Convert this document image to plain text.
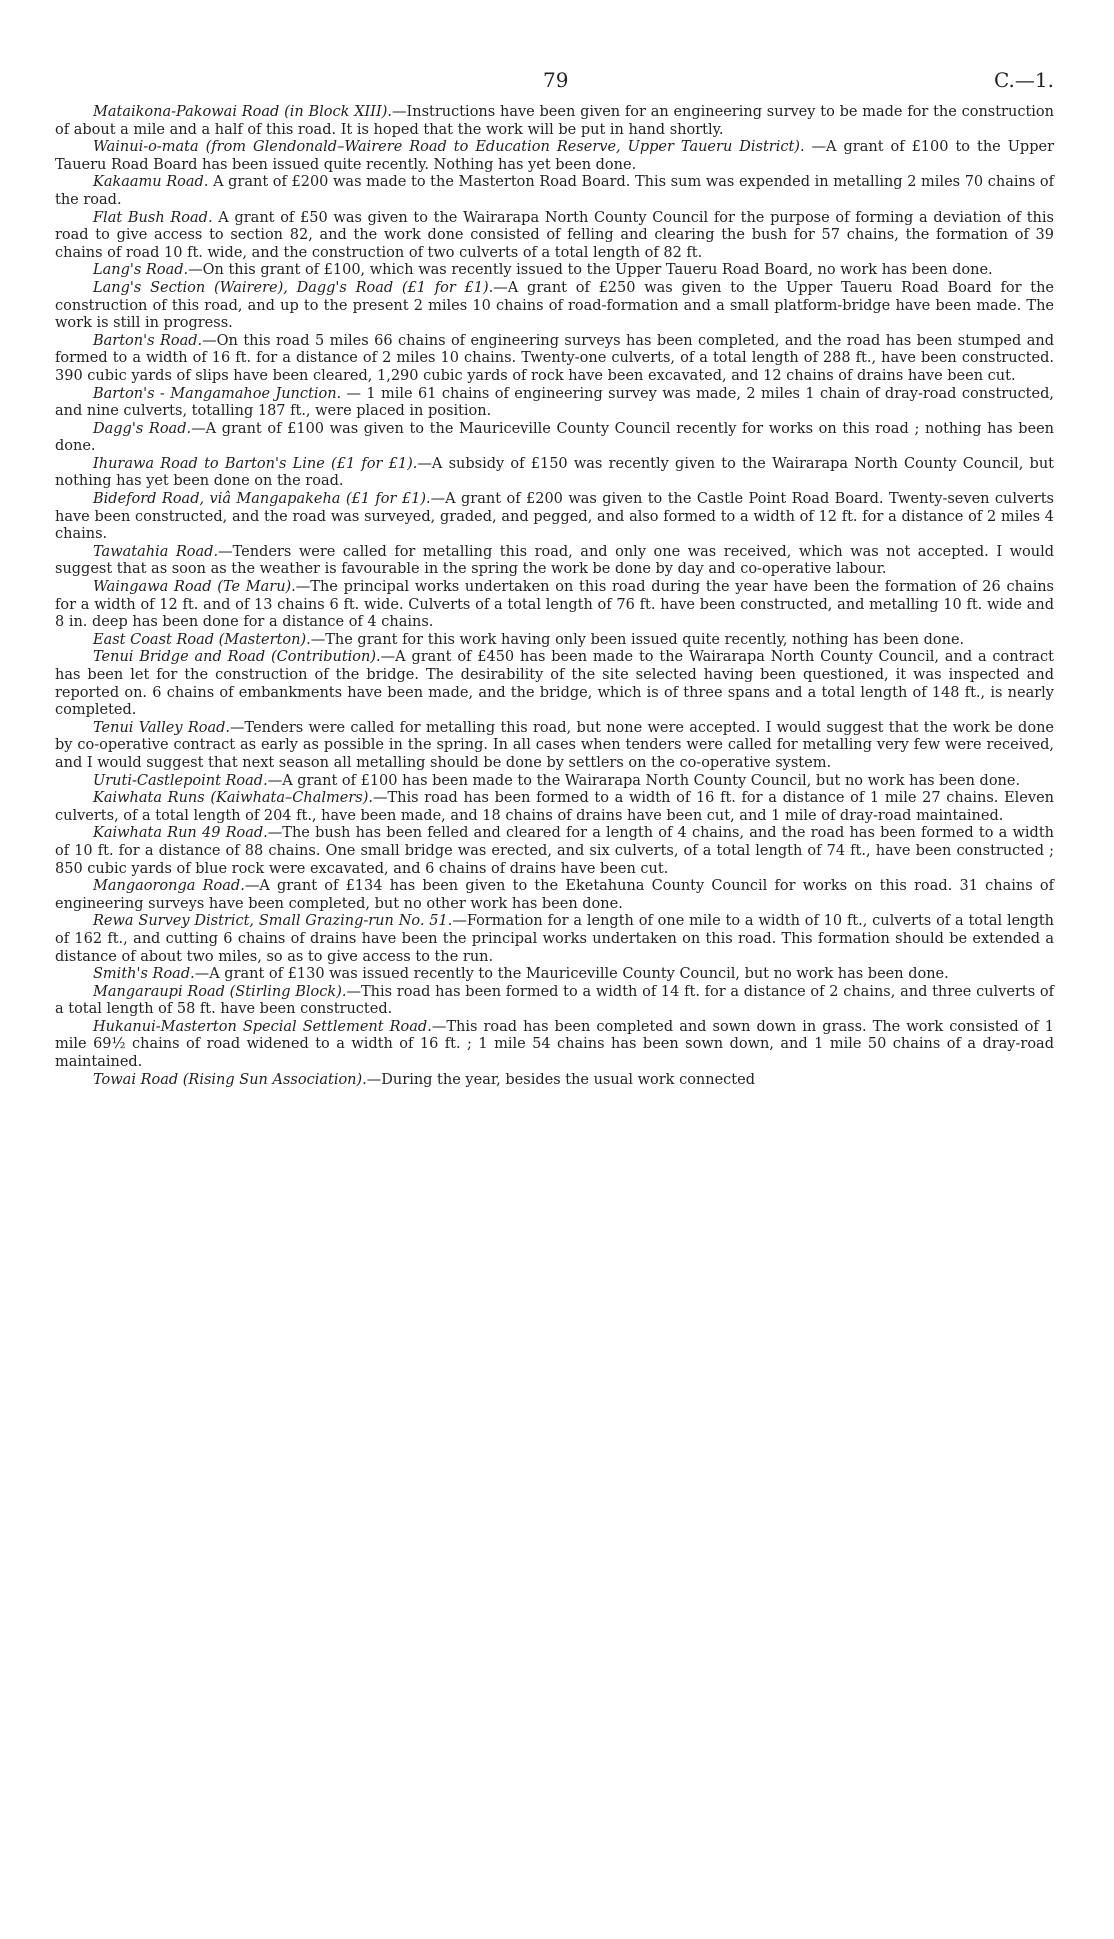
79	C.—1.

Mataikona-Pakowai Road (in Block XIII).—Instructions have been given for an engineering survey to be made for the construction of about a mile and a half of this road. It is hoped that the work will be put in hand shortly.

Wainui-o-mata (from Glendonald–Wairere Road to Education Reserve, Upper Taueru District). —A grant of £100 to the Upper Taueru Road Board has been issued quite recently. Nothing has yet been done.

Kakaamu Road. A grant of £200 was made to the Masterton Road Board. This sum was expended in metalling 2 miles 70 chains of the road.

Flat Bush Road. A grant of £50 was given to the Wairarapa North County Council for the purpose of forming a deviation of this road to give access to section 82, and the work done consisted of felling and clearing the bush for 57 chains, the formation of 39 chains of road 10 ft. wide, and the construction of two culverts of a total length of 82 ft.

Lang's Road.—On this grant of £100, which was recently issued to the Upper Taueru Road Board, no work has been done.

Lang's Section (Wairere), Dagg's Road (£1 for £1).—A grant of £250 was given to the Upper Taueru Road Board for the construction of this road, and up to the present 2 miles 10 chains of road-formation and a small platform-bridge have been made. The work is still in progress.

Barton's Road.—On this road 5 miles 66 chains of engineering surveys has been completed, and the road has been stumped and formed to a width of 16 ft. for a distance of 2 miles 10 chains. Twenty-one culverts, of a total length of 288 ft., have been constructed. 390 cubic yards of slips have been cleared, 1,290 cubic yards of rock have been excavated, and 12 chains of drains have been cut.

Barton's - Mangamahoe Junction. — 1 mile 61 chains of engineering survey was made, 2 miles 1 chain of dray-road constructed, and nine culverts, totalling 187 ft., were placed in position.

Dagg's Road.—A grant of £100 was given to the Mauriceville County Council recently for works on this road ; nothing has been done.

Ihurawa Road to Barton's Line (£1 for £1).—A subsidy of £150 was recently given to the Wairarapa North County Council, but nothing has yet been done on the road.

Bideford Road, viâ Mangapakeha (£1 for £1).—A grant of £200 was given to the Castle Point Road Board. Twenty-seven culverts have been constructed, and the road was surveyed, graded, and pegged, and also formed to a width of 12 ft. for a distance of 2 miles 4 chains.

Tawatahia Road.—Tenders were called for metalling this road, and only one was received, which was not accepted. I would suggest that as soon as the weather is favourable in the spring the work be done by day and co-operative labour.

Waingawa Road (Te Maru).—The principal works undertaken on this road during the year have been the formation of 26 chains for a width of 12 ft. and of 13 chains 6 ft. wide. Culverts of a total length of 76 ft. have been constructed, and metalling 10 ft. wide and 8 in. deep has been done for a distance of 4 chains.

East Coast Road (Masterton).—The grant for this work having only been issued quite recently, nothing has been done.

Tenui Bridge and Road (Contribution).—A grant of £450 has been made to the Wairarapa North County Council, and a contract has been let for the construction of the bridge. The desirability of the site selected having been questioned, it was inspected and reported on. 6 chains of embankments have been made, and the bridge, which is of three spans and a total length of 148 ft., is nearly completed.

Tenui Valley Road.—Tenders were called for metalling this road, but none were accepted. I would suggest that the work be done by co-operative contract as early as possible in the spring. In all cases when tenders were called for metalling very few were received, and I would suggest that next season all metalling should be done by settlers on the co-operative system.

Uruti-Castlepoint Road.—A grant of £100 has been made to the Wairarapa North County Council, but no work has been done.

Kaiwhata Runs (Kaiwhata–Chalmers).—This road has been formed to a width of 16 ft. for a distance of 1 mile 27 chains. Eleven culverts, of a total length of 204 ft., have been made, and 18 chains of drains have been cut, and 1 mile of dray-road maintained.

Kaiwhata Run 49 Road.—The bush has been felled and cleared for a length of 4 chains, and the road has been formed to a width of 10 ft. for a distance of 88 chains. One small bridge was erected, and six culverts, of a total length of 74 ft., have been constructed ; 850 cubic yards of blue rock were excavated, and 6 chains of drains have been cut.

Mangaoronga Road.—A grant of £134 has been given to the Eketahuna County Council for works on this road. 31 chains of engineering surveys have been completed, but no other work has been done.

Rewa Survey District, Small Grazing-run No. 51.—Formation for a length of one mile to a width of 10 ft., culverts of a total length of 162 ft., and cutting 6 chains of drains have been the principal works undertaken on this road. This formation should be extended a distance of about two miles, so as to give access to the run.

Smith's Road.—A grant of £130 was issued recently to the Mauriceville County Council, but no work has been done.

Mangaraupi Road (Stirling Block).—This road has been formed to a width of 14 ft. for a distance of 2 chains, and three culverts of a total length of 58 ft. have been constructed.

Hukanui-Masterton Special Settlement Road.—This road has been completed and sown down in grass. The work consisted of 1 mile 69½ chains of road widened to a width of 16 ft. ; 1 mile 54 chains has been sown down, and 1 mile 50 chains of a dray-road maintained.

Towai Road (Rising Sun Association).—During the year, besides the usual work connected
